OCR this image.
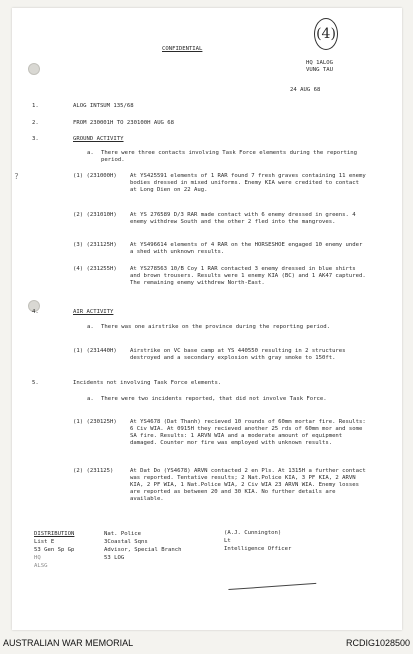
(4)
CONFIDENTIAL
HQ 1ALOG
VUNG TAU
24 AUG 68
1.	ALOG INTSUM 135/68
2.	FROM 230001H TO 230100H AUG 68
3.	GROUND ACTIVITY
a. There were three contacts involving Task Force elements during the reporting period.
?	(1) (231000H) At YS425591 elements of 1 RAR found 7 fresh graves containing 11 enemy bodies dressed in mixed uniforms. Enemy KIA were credited to contact at Long Dien on 22 Aug.
(2) (231010H) At YS 276589 D/3 RAR made contact with 6 enemy dressed in greens. 4 enemy withdrew South and the other 2 fled into the mangroves.
(3) (231125H) At YS496614 elements of 4 RAR on the HORSESHOE engaged 10 enemy under a shed with unknown results.
(4) (231255H) At YS278563 10/B Coy 1 RAR contacted 3 enemy dressed in blue shirts and brown trousers. Results were 1 enemy KIA (BC) and 1 AK47 captured. The remaining enemy withdrew North-East.
4.	AIR ACTIVITY
a. There was one airstrike on the province during the reporting period.
(1) (231440H) Airstrike on VC base camp at YS 440550 resulting in 2 structures destroyed and a secondary explosion with gray smoke to 150ft.
5.	Incidents not involving Task Force elements.
a. There were two incidents reported, that did not involve Task Force.
(1) (230125H) At YS4678 (Dat Thanh) recieved 10 rounds of 60mm mortar fire. Results: 6 Civ WIA. At 0915H they recieved another 25 rds of 60mm mor and some SA fire. Results: 1 ARVN WIA and a moderate amount of equipment damaged. Counter mor fire was employed with unknown results.
(2) (231125)	At Dat Do (YS4678) ARVN contacted 2 en Pls. At 1315H a further contact was reported. Tentative results; 2 Nat.Police KIA, 3 PF KIA, 2 ARVN KIA, 2 PF WIA, 1 Nat.Police WIA, 2 Civ WIA 23 ARVN WIA. Enemy losses are reported as between 20 and 30 KIA. No further details are available.
DISTRIBUTION
List E
53 Gen Sp Gp
HQ
ALSG
Nat. Police
3Coastal Sqns
Advisor, Special Branch
53 LOG
(A.J. Cunnington)
Lt
Intelligence Officer
AUSTRALIAN WAR MEMORIAL	RCDIG1028500
